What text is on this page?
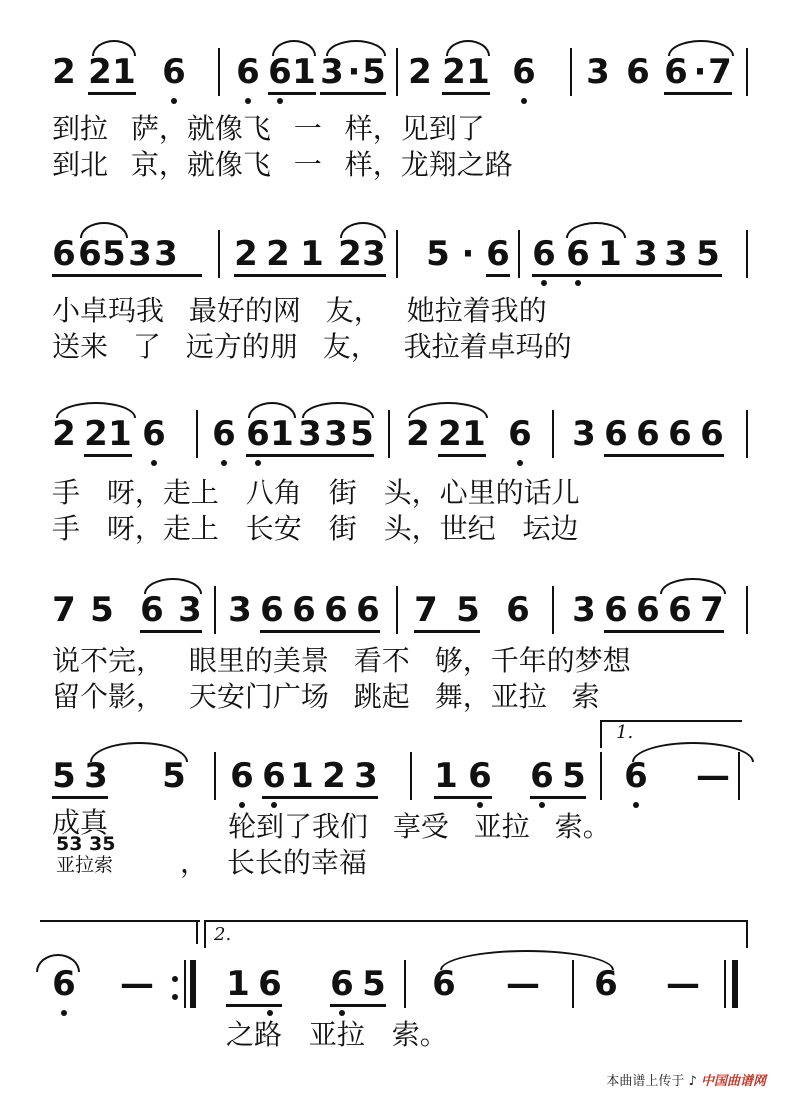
2 2 1 6 6 6 1 3 · 5 2 2 1 6 3 6 6 · 7
到拉 萨，就像飞 一 样，见到了
到北 京，就像飞 一 样，龙翔之路
6 6 5 3 3 2 2 1 2 3 5 · 6 6 6 1 3 3 5
小卓玛我 最好的网 友， 她拉着我的
送来 了 远方的朋 友， 我拉着卓玛的
2 2 1 6 6 6 1 3 3 5 2 2 1 6 3 6 6 6 6
手 呀，走上 八角 街 头，心里的话儿
手 呀，走上 长安 街 头，世纪 坛边
7 5 6 3 3 6 6 6 6 7 5 6 3 6 6 6 7
说不完， 眼里的美景 看不 够，千年的梦想
留个影， 天安门广场 跳起 舞，亚拉 索
1.
5 3 5 6 6 1 2 3 1 6 6 5 6 —
成真	轮到了我们 享受 亚拉 索。
53 35
亚拉索 ， 长长的幸福
2.
6 — 1 6 6 5 6 — 6 —
之路 亚拉 索。
本曲谱上传于 ♪ 中国曲谱网
